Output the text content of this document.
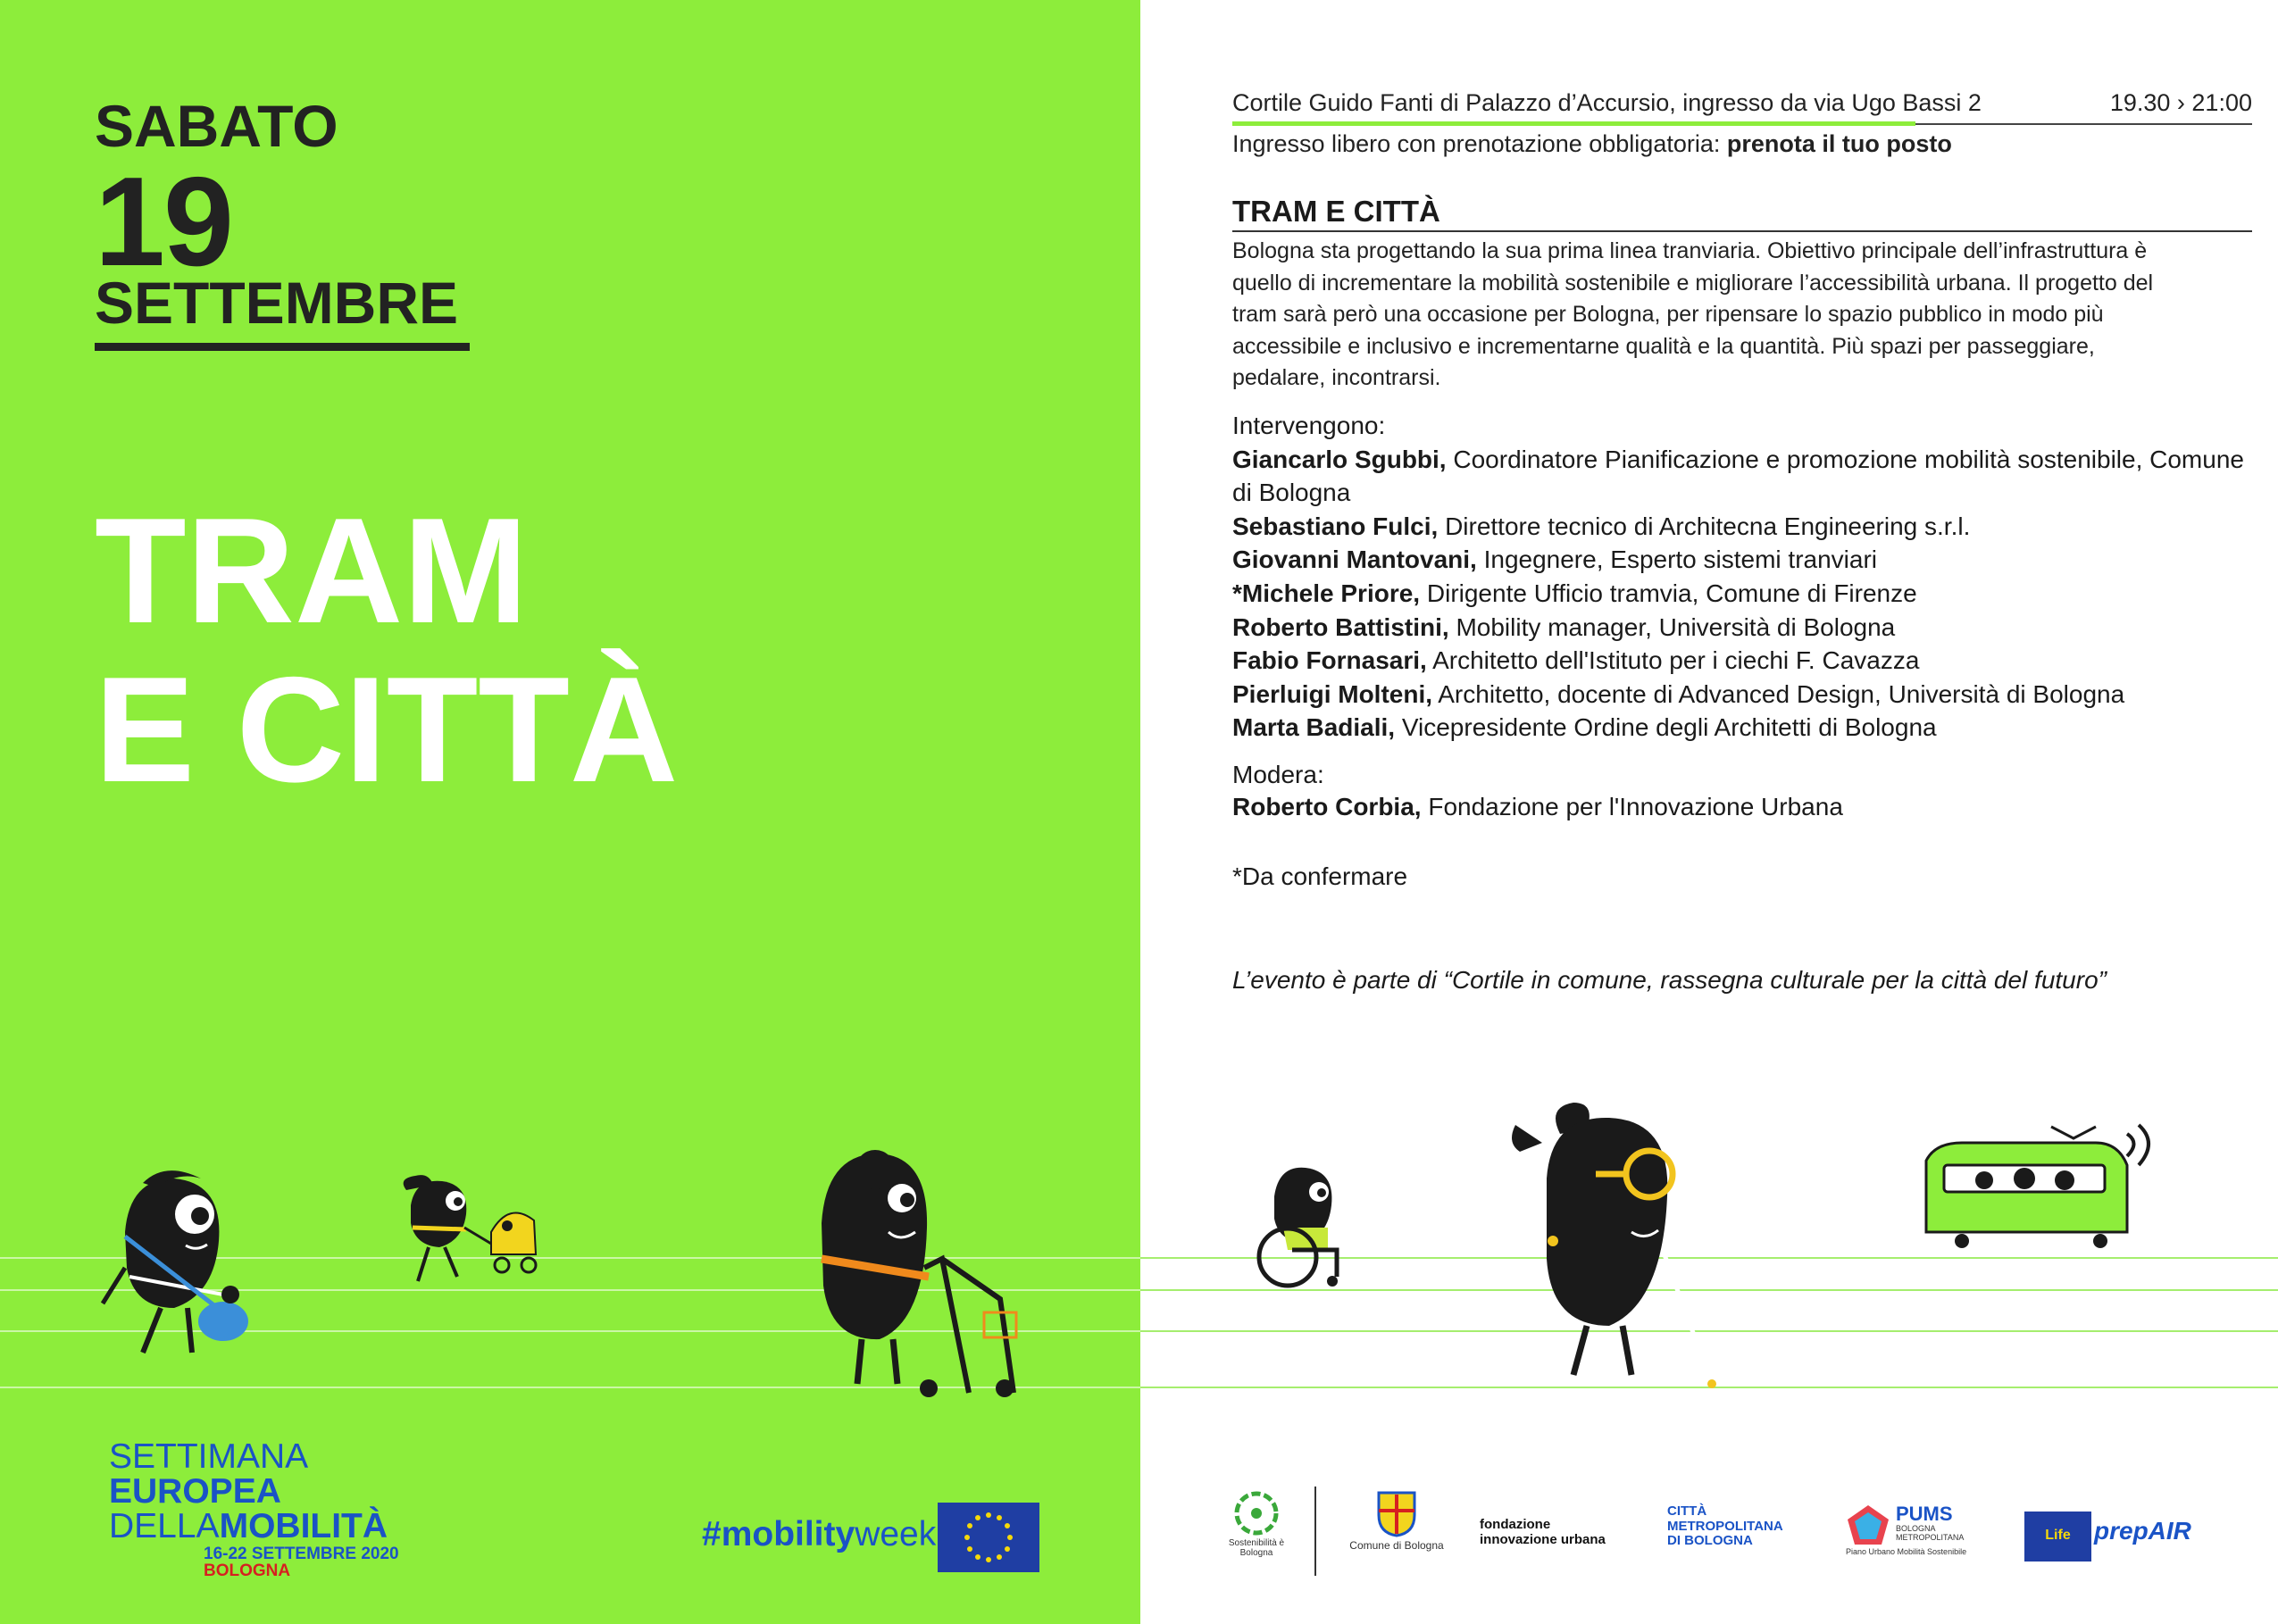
SABATO
19
SETTEMBRE
TRAM
E CITTÀ
SETTIMANA
EUROPEA
DELLAMOBILITÀ
16-22 SETTEMBRE 2020
BOLOGNA
#mobilityweek
Cortile Guido Fanti di Palazzo d’Accursio, ingresso da via Ugo Bassi 2	19.30 › 21:00
Ingresso libero con prenotazione obbligatoria: prenota il tuo posto
TRAM E CITTÀ
Bologna sta progettando la sua prima linea tranviaria. Obiettivo principale dell’infrastruttura è quello di incrementare la mobilità sostenibile e migliorare l’accessibilità urbana. Il progetto del tram sarà però una occasione per Bologna, per ripensare lo spazio pubblico in modo più accessibile e inclusivo e incrementarne qualità e la quantità. Più spazi per passeggiare, pedalare, incontrarsi.

Intervengono:

Giancarlo Sgubbi, Coordinatore Pianificazione e promozione mobilità sostenibile, Comune di Bologna

Sebastiano Fulci, Direttore tecnico di Architecna Engineering s.r.l.

Giovanni Mantovani, Ingegnere, Esperto sistemi tranviari

*Michele Priore, Dirigente Ufficio tramvia, Comune di Firenze

Roberto Battistini, Mobility manager, Università di Bologna

Fabio Fornasari, Architetto dell'Istituto per i ciechi F. Cavazza

Pierluigi Molteni, Architetto, docente di Advanced Design, Università di Bologna

Marta Badiali, Vicepresidente Ordine degli Architetti di Bologna

Modera:
Roberto Corbia, Fondazione per l'Innovazione Urbana
*Da confermare
L’evento è parte di “Cortile in comune, rassegna culturale per la città del futuro”
Sostenibilità è Bologna
Comune di Bologna
fondazione
innovazione urbana
CITTÀ
METROPOLITANA
DI BOLOGNA
PUMS
BOLOGNA
METROPOLITANA
Piano Urbano Mobilità Sostenibile
Life prepAIR
